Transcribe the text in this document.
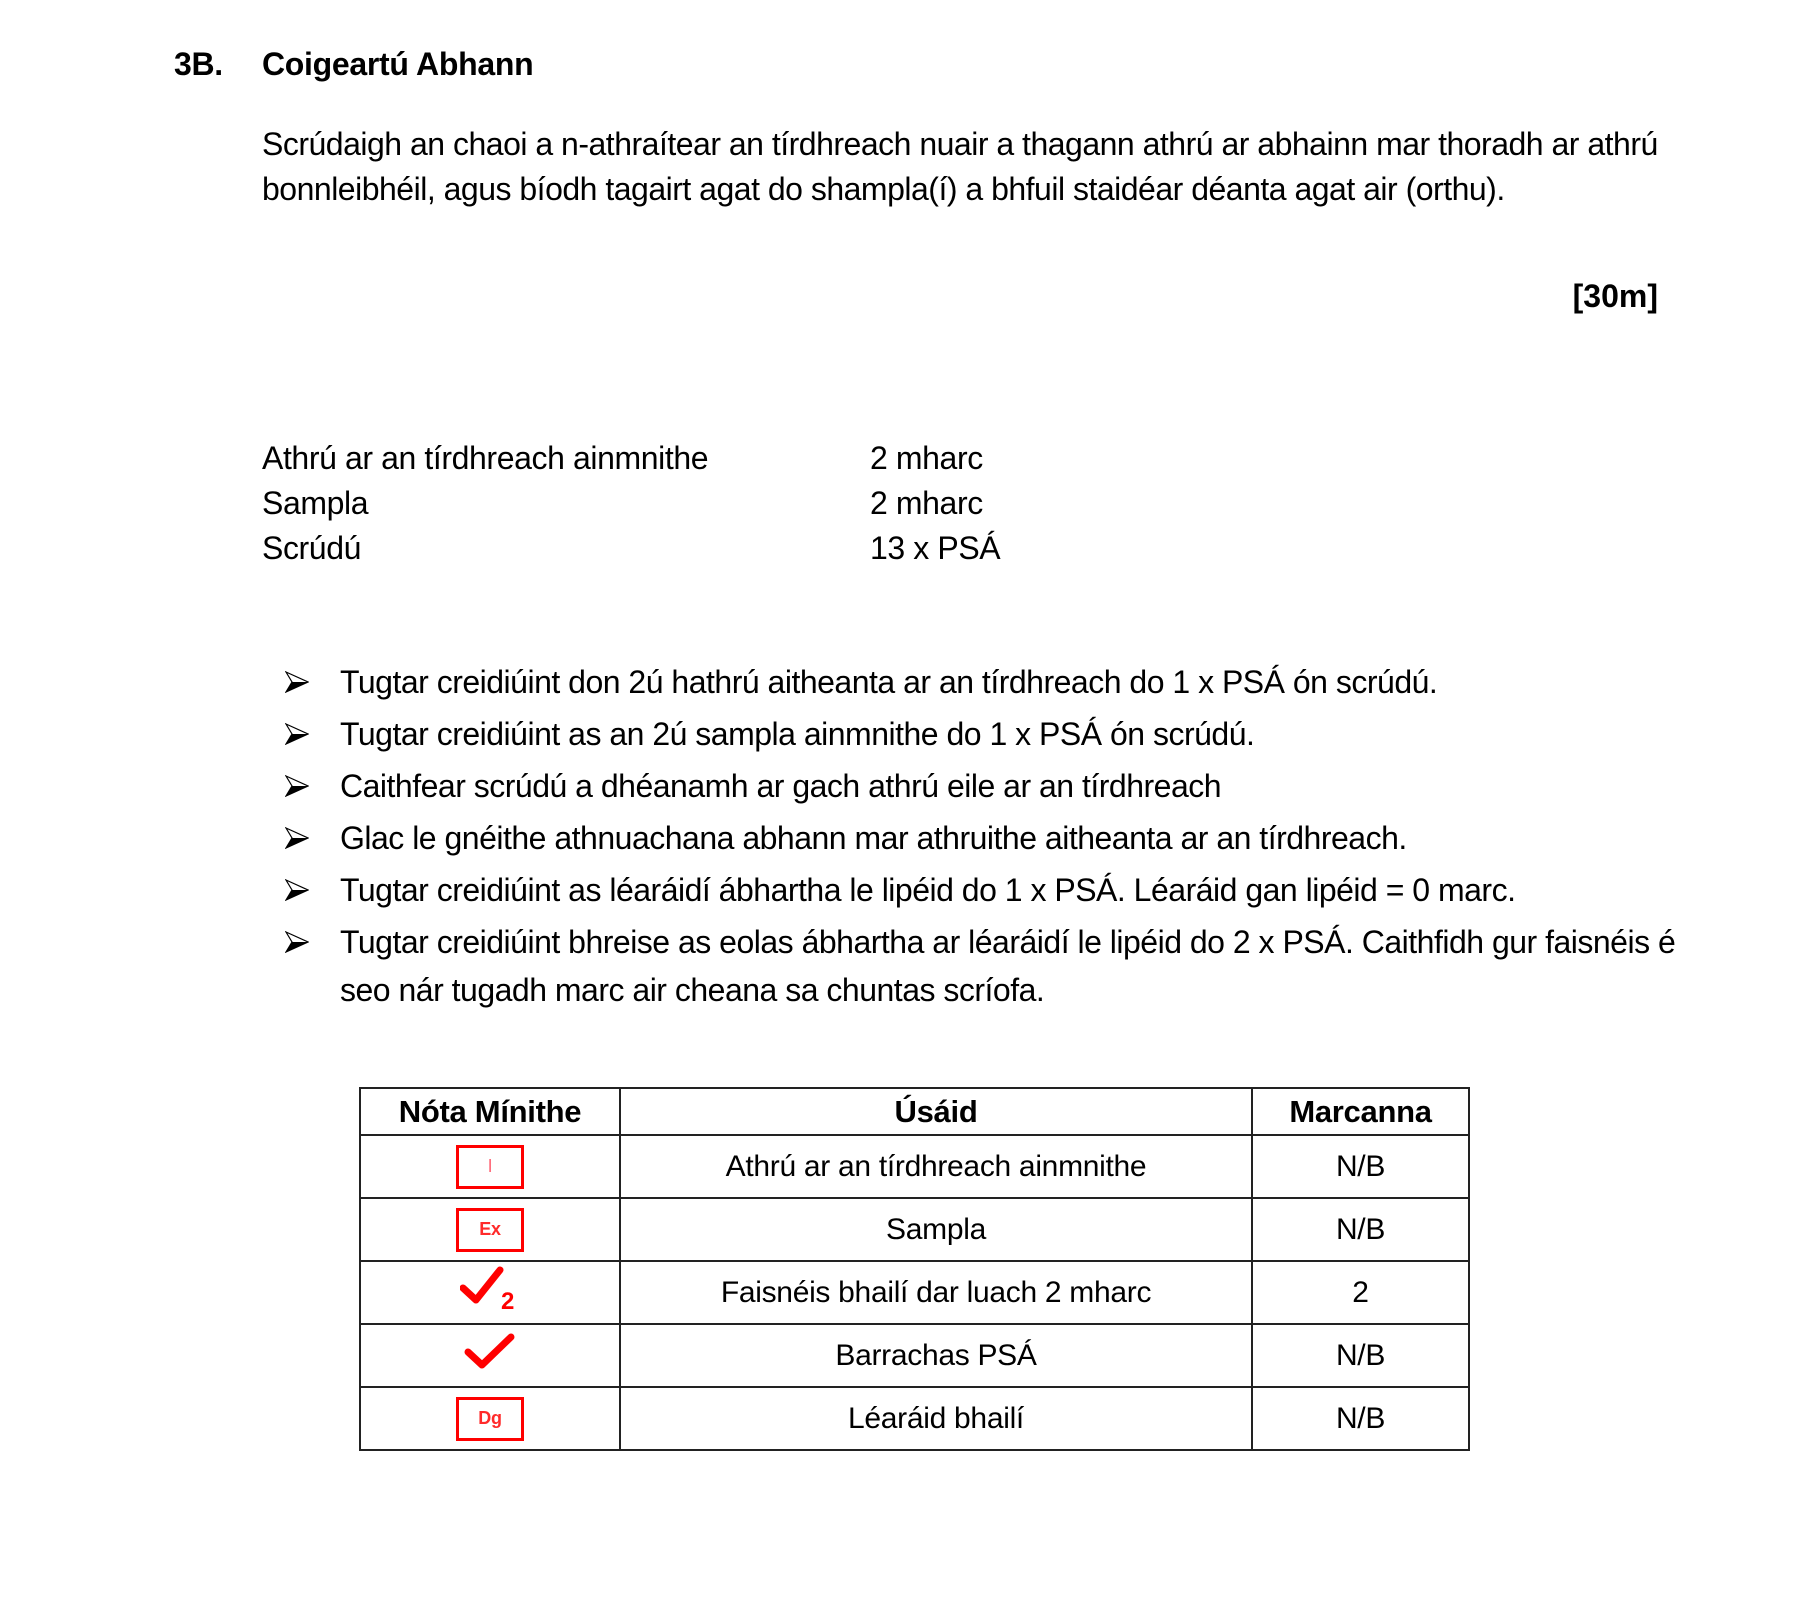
3B. Coigeartú Abhann
Scrúdaigh an chaoi a n-athraítear an tírdhreach nuair a thagann athrú ar abhainn mar thoradh ar athrú bonnleibhéil, agus bíodh tagairt agat do shampla(í) a bhfuil staidéar déanta agat air (orthu).
[30m]
Athrú ar an tírdhreach ainmnithe	2 mharc
Sampla	2 mharc
Scrúdú	13 x PSÁ
Tugtar creidiúint don 2ú hathrú aitheanta ar an tírdhreach do 1 x PSÁ ón scrúdú.
Tugtar creidiúint as an 2ú sampla ainmnithe do 1 x PSÁ ón scrúdú.
Caithfear scrúdú a dhéanamh ar gach athrú eile ar an tírdhreach
Glac le gnéithe athnuachana abhann mar athruithe aitheanta ar an tírdhreach.
Tugtar creidiúint as léaráidí ábhartha le lipéid do 1 x PSÁ. Léaráid gan lipéid = 0 marc.
Tugtar creidiúint bhreise as eolas ábhartha ar léaráidí le lipéid do 2 x PSÁ. Caithfidh gur faisnéis é seo nár tugadh marc air cheana sa chuntas scríofa.
Nóta Mínithe	Úsáid	Marcanna

I	Athrú ar an tírdhreach ainmnithe	N/B

Ex	Sampla	N/B

2	Faisnéis bhailí dar luach 2 mharc	2
	Barrachas PSÁ	N/B

Dg	Léaráid bhailí	N/B
